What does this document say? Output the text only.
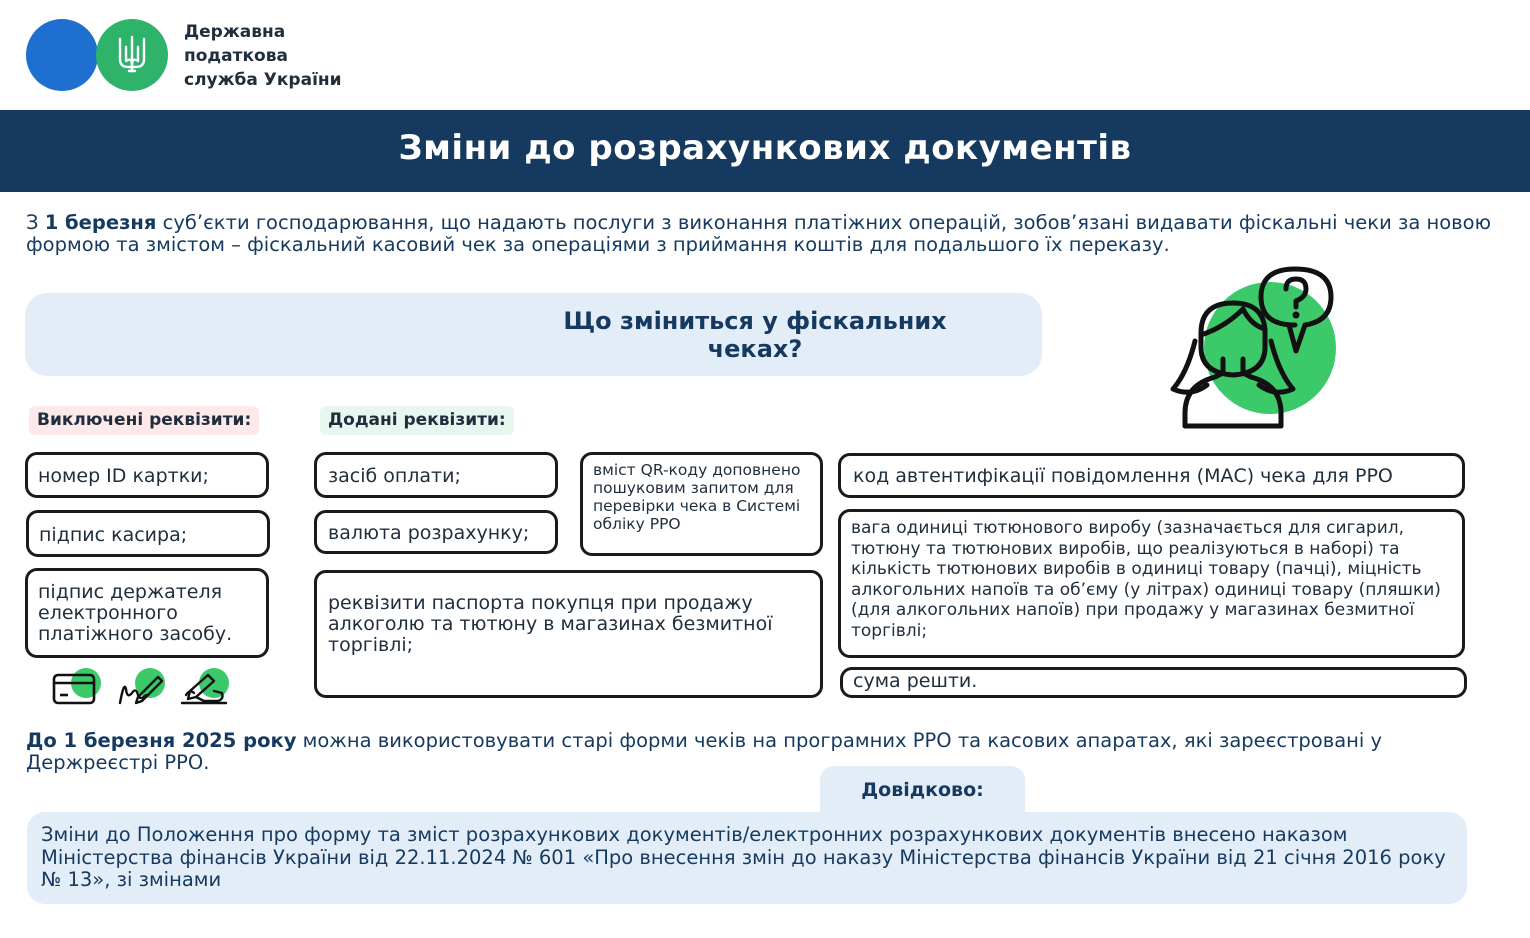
Державна
податкова
служба України
Зміни до розрахункових документів
З 1 березня суб’єкти господарювання, що надають послуги з виконання платіжних операцій, зобов’язані видавати фіскальні чеки за новою формою та змістом – фіскальний касовий чек за операціями з приймання коштів для подальшого їх переказу.
Що зміниться у фіскальних чеках?
Виключені реквізити:	Додані реквізити:
номер ID картки;
підпис касира;
підпис держателя електронного платіжного засобу.
засіб оплати;
валюта розрахунку;
вміст QR-коду доповнено пошуковим запитом для перевірки чека в Системі обліку РРО
реквізити паспорта покупця при продажу алкоголю та тютюну в магазинах безмитної торгівлі;
код автентифікації повідомлення (МАС) чека для РРО
вага одиниці тютюнового виробу (зазначається для сигарил, тютюну та тютюнових виробів, що реалізуються в наборі) та кількість тютюнових виробів в одиниці товару (пачці), міцність алкогольних напоїв та об’єму (у літрах) одиниці товару (пляшки) (для алкогольних напоїв) при продажу у магазинах безмитної торгівлі;
сума решти.
До 1 березня 2025 року можна використовувати старі форми чеків на програмних РРО та касових апаратах, які зареєстровані у Держреєстрі РРО.
Довідково:

Зміни до Положення про форму та зміст розрахункових документів/електронних розрахункових документів внесено наказом Міністерства фінансів України від 22.11.2024 № 601 «Про внесення змін до наказу Міністерства фінансів України від 21 січня 2016 року № 13», зі змінами
